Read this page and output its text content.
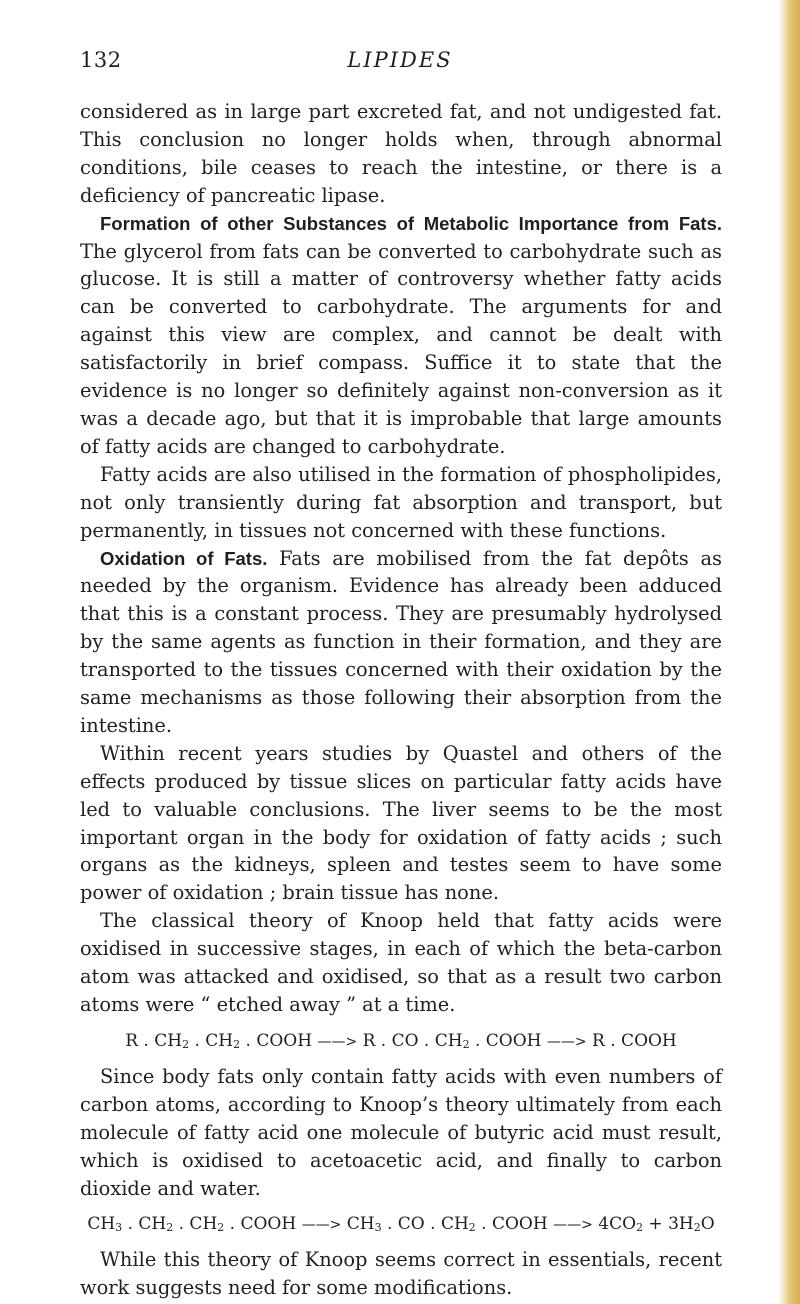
132	LIPIDES

considered as in large part excreted fat, and not undigested fat. This conclusion no longer holds when, through abnormal conditions, bile ceases to reach the intestine, or there is a deficiency of pancreatic lipase.

Formation of other Substances of Metabolic Importance from Fats. The glycerol from fats can be converted to carbohydrate such as glucose. It is still a matter of controversy whether fatty acids can be converted to carbohydrate. The arguments for and against this view are complex, and cannot be dealt with satisfactorily in brief compass. Suffice it to state that the evidence is no longer so definitely against non-conversion as it was a decade ago, but that it is improbable that large amounts of fatty acids are changed to carbohydrate.

Fatty acids are also utilised in the formation of phospholipides, not only transiently during fat absorption and transport, but permanently, in tissues not concerned with these functions.

Oxidation of Fats. Fats are mobilised from the fat depôts as needed by the organism. Evidence has already been adduced that this is a constant process. They are presumably hydrolysed by the same agents as function in their formation, and they are transported to the tissues concerned with their oxidation by the same mechanisms as those following their absorption from the intestine.

Within recent years studies by Quastel and others of the effects produced by tissue slices on particular fatty acids have led to valuable conclusions. The liver seems to be the most important organ in the body for oxidation of fatty acids ; such organs as the kidneys, spleen and testes seem to have some power of oxidation ; brain tissue has none.

The classical theory of Knoop held that fatty acids were oxidised in successive stages, in each of which the beta-carbon atom was attacked and oxidised, so that as a result two carbon atoms were “ etched away ” at a time.

R . $CH_2$ . $CH_2$ . COOH ——> R . CO . $CH_2$ . COOH ——> R . COOH

Since body fats only contain fatty acids with even numbers of carbon atoms, according to Knoop’s theory ultimately from each molecule of fatty acid one molecule of butyric acid must result, which is oxidised to acetoacetic acid, and finally to carbon dioxide and water.

$CH_3$ . $CH_2$ . $CH_2$ . COOH ——> $CH_3$ . CO . $CH_2$ . COOH ——> $4CO_2 + 3H_2O$

While this theory of Knoop seems correct in essentials, recent work suggests need for some modifications.
